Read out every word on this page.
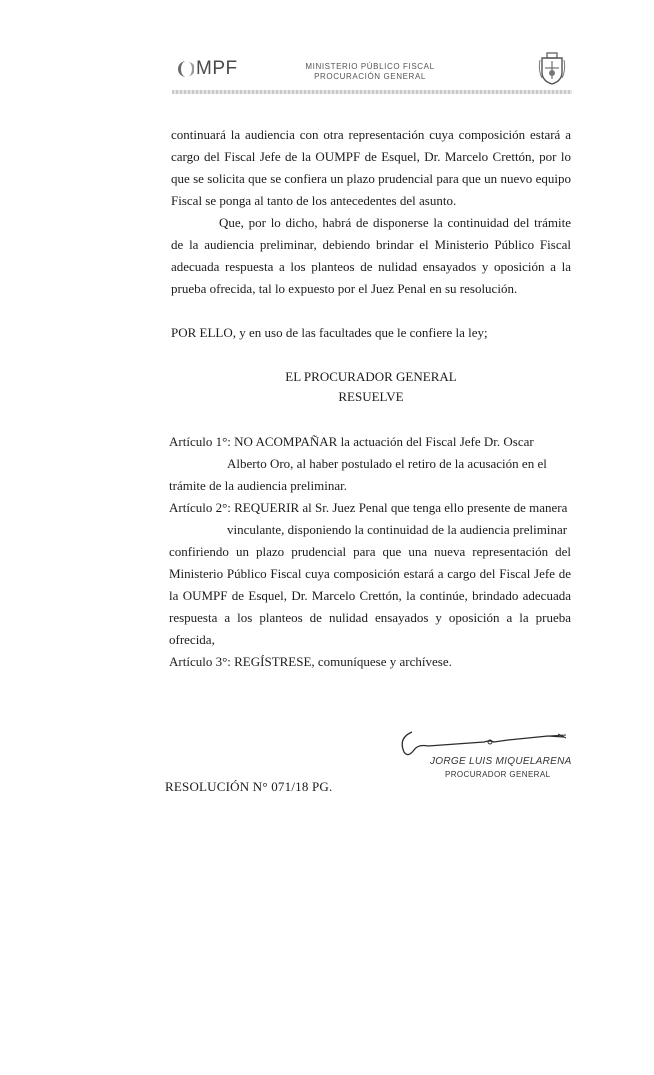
MPF	MINISTERIO PÚBLICO FISCAL
PROCURACIÓN GENERAL
continuará la audiencia con otra representación cuya composición estará a cargo del Fiscal Jefe de la OUMPF de Esquel, Dr. Marcelo Crettón, por lo que se solicita que se confiera un plazo prudencial para que un nuevo equipo Fiscal se ponga al tanto de los antecedentes del asunto.
Que, por lo dicho, habrá de disponerse la continuidad del trámite de la audiencia preliminar, debiendo brindar el Ministerio Público Fiscal adecuada respuesta a los planteos de nulidad ensayados y oposición a la prueba ofrecida, tal lo expuesto por el Juez Penal en su resolución.
POR ELLO, y en uso de las facultades que le confiere la ley;
EL PROCURADOR GENERAL
RESUELVE
Artículo 1°: NO ACOMPAÑAR la actuación del Fiscal Jefe Dr. Oscar
Alberto Oro, al haber postulado el retiro de la acusación en el
trámite de la audiencia preliminar.
Artículo 2°: REQUERIR al Sr. Juez Penal que tenga ello presente de manera
vinculante, disponiendo la continuidad de la audiencia preliminar
confiriendo un plazo prudencial para que una nueva representación del Ministerio Público Fiscal cuya composición estará a cargo del Fiscal Jefe de la OUMPF de Esquel, Dr. Marcelo Crettón, la continúe, brindado adecuada respuesta a los planteos de nulidad ensayados y oposición a la prueba ofrecida,
Artículo 3°: REGÍSTRESE, comuníquese y archívese.
JORGE LUIS MIQUELARENA
PROCURADOR GENERAL
RESOLUCIÓN N° 071/18 PG.
